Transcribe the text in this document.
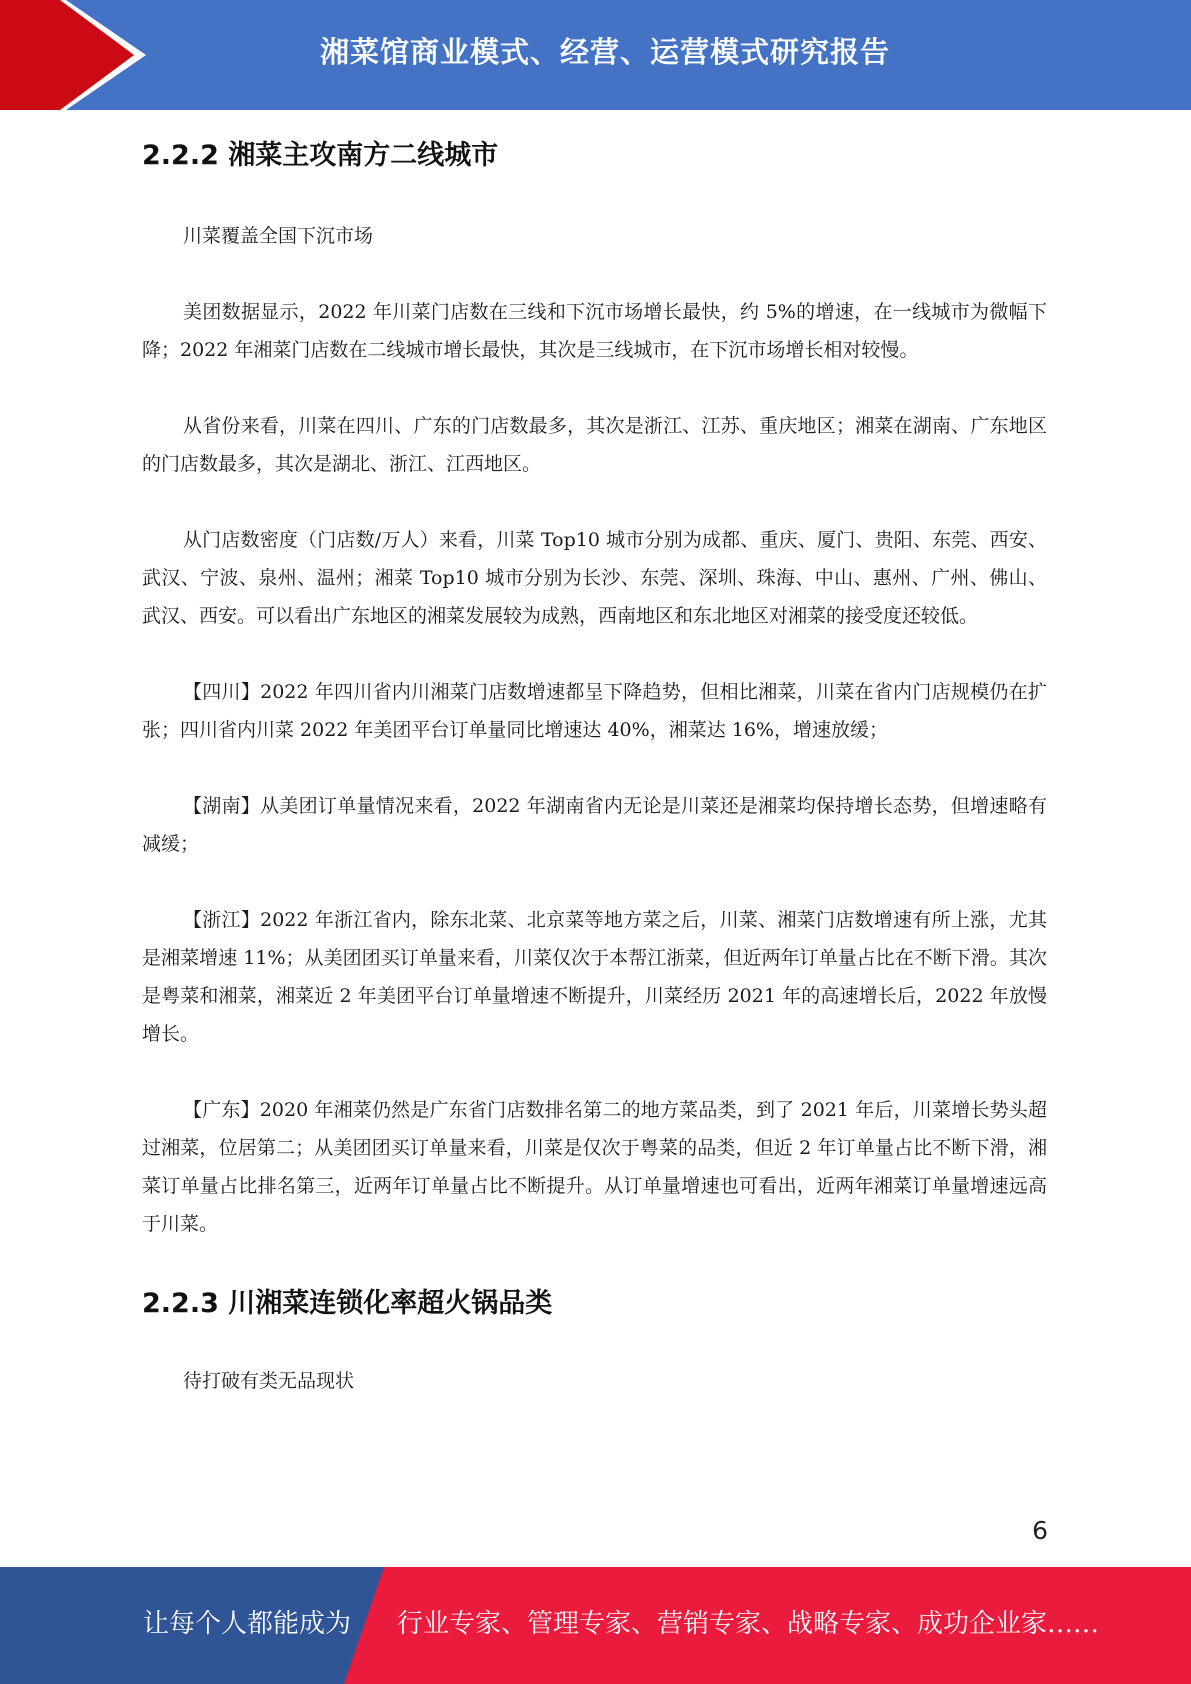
湘菜馆商业模式、经营、运营模式研究报告
2.2.2 湘菜主攻南方二线城市

川菜覆盖全国下沉市场

美团数据显示，2022 年川菜门店数在三线和下沉市场增长最快，约 5%的增速，在一线城市为微幅下降；2022 年湘菜门店数在二线城市增长最快，其次是三线城市，在下沉市场增长相对较慢。

从省份来看，川菜在四川、广东的门店数最多，其次是浙江、江苏、重庆地区；湘菜在湖南、广东地区的门店数最多，其次是湖北、浙江、江西地区。

从门店数密度（门店数/万人）来看，川菜 Top10 城市分别为成都、重庆、厦门、贵阳、东莞、西安、武汉、宁波、泉州、温州；湘菜 Top10 城市分别为长沙、东莞、深圳、珠海、中山、惠州、广州、佛山、武汉、西安。可以看出广东地区的湘菜发展较为成熟，西南地区和东北地区对湘菜的接受度还较低。

【四川】2022 年四川省内川湘菜门店数增速都呈下降趋势，但相比湘菜，川菜在省内门店规模仍在扩张；四川省内川菜 2022 年美团平台订单量同比增速达 40%，湘菜达 16%，增速放缓；

【湖南】从美团订单量情况来看，2022 年湖南省内无论是川菜还是湘菜均保持增长态势，但增速略有减缓；

【浙江】2022 年浙江省内，除东北菜、北京菜等地方菜之后，川菜、湘菜门店数增速有所上涨，尤其是湘菜增速 11%；从美团团买订单量来看，川菜仅次于本帮江浙菜，但近两年订单量占比在不断下滑。其次是粤菜和湘菜，湘菜近 2 年美团平台订单量增速不断提升，川菜经历 2021 年的高速增长后，2022 年放慢增长。

【广东】2020 年湘菜仍然是广东省门店数排名第二的地方菜品类，到了 2021 年后，川菜增长势头超过湘菜，位居第二；从美团团买订单量来看，川菜是仅次于粤菜的品类，但近 2 年订单量占比不断下滑，湘菜订单量占比排名第三，近两年订单量占比不断提升。从订单量增速也可看出，近两年湘菜订单量增速远高于川菜。

2.2.3 川湘菜连锁化率超火锅品类

待打破有类无品现状

6
让每个人都能成为 行业专家、管理专家、营销专家、战略专家、成功企业家……
